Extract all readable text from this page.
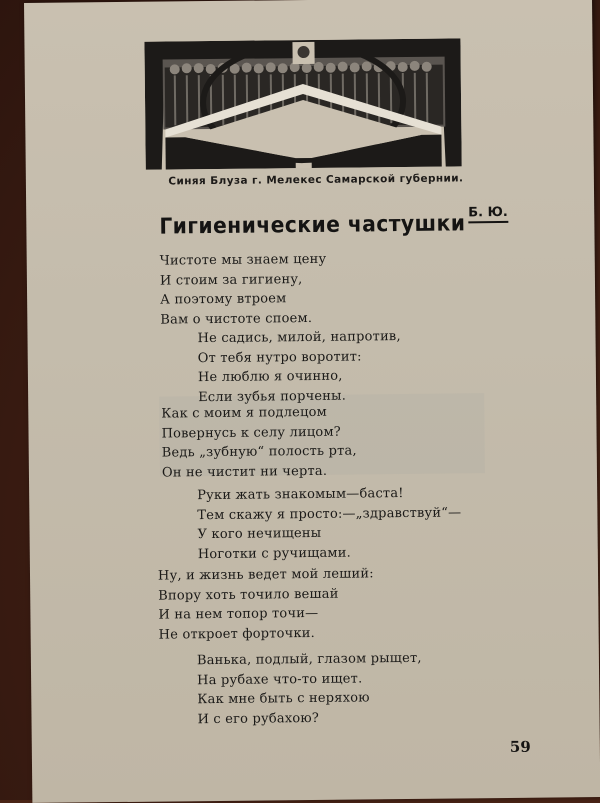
Синяя Блуза г. Мелекес Самарской губернии.
Гигиенические частушки Б. Ю.
Чистоте мы знаем цену
И стоим за гигиену,
А поэтому втроем
Вам о чистоте споем.
Не садись, милой, напротив,
От тебя нутро воротит:
Не люблю я очинно,
Если зубья порчены.
Как с моим я подлецом
Повернусь к селу лицом?
Ведь „зубную“ полость рта,
Он не чистит ни черта.
Руки жать знакомым—баста!
Тем скажу я просто:—„здравствуй“—
У кого нечищены
Ноготки с ручищами.
Ну, и жизнь ведет мой леший:
Впору хоть точило вешай
И на нем топор точи—
Не откроет форточки.
Ванька, подлый, глазом рыщет,
На рубахе что-то ищет.
Как мне быть с неряхою
И с его рубахою?
59
